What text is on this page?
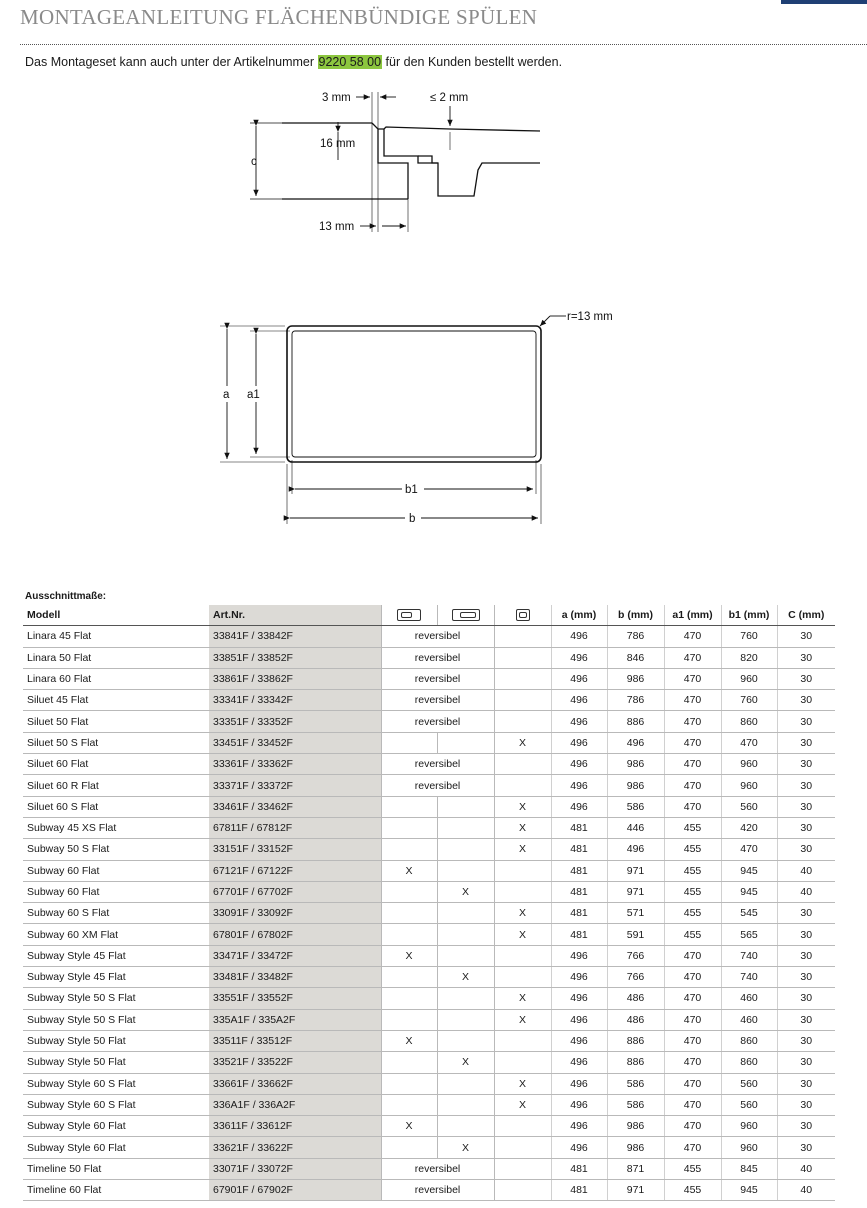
MONTAGEANLEITUNG FLÄCHENBÜNDIGE SPÜLEN
Das Montageset kann auch unter der Artikelnummer 9220 58 00 für den Kunden bestellt werden.
3 mm	≤ 2 mm
16 mm
c
13 mm
r=13 mm
a a1
b1
b
Ausschnittmaße:
Modell	Art.Nr.				a (mm)	b (mm)	a1 (mm)	b1 (mm)	C (mm)
Linara 45 Flat	33841F / 33842F	reversibel			496	786	470	760	30
Linara 50 Flat	33851F / 33852F	reversibel			496	846	470	820	30
Linara 60 Flat	33861F / 33862F	reversibel			496	986	470	960	30
Siluet 45 Flat	33341F / 33342F	reversibel			496	786	470	760	30
Siluet 50 Flat	33351F / 33352F	reversibel			496	886	470	860	30
Siluet 50 S Flat	33451F / 33452F			X	496	496	470	470	30
Siluet 60 Flat	33361F / 33362F	reversibel			496	986	470	960	30
Siluet 60 R Flat	33371F / 33372F	reversibel			496	986	470	960	30
Siluet 60 S Flat	33461F / 33462F			X	496	586	470	560	30
Subway 45 XS Flat	67811F / 67812F			X	481	446	455	420	30
Subway 50 S Flat	33151F / 33152F			X	481	496	455	470	30
Subway 60 Flat	67121F / 67122F	X			481	971	455	945	40
Subway 60 Flat	67701F / 67702F		X		481	971	455	945	40
Subway 60 S Flat	33091F / 33092F			X	481	571	455	545	30
Subway 60 XM Flat	67801F / 67802F			X	481	591	455	565	30
Subway Style 45 Flat	33471F / 33472F	X			496	766	470	740	30
Subway Style 45 Flat	33481F / 33482F		X		496	766	470	740	30
Subway Style 50 S Flat	33551F / 33552F			X	496	486	470	460	30
Subway Style 50 S Flat	335A1F / 335A2F			X	496	486	470	460	30
Subway Style 50 Flat	33511F / 33512F	X			496	886	470	860	30
Subway Style 50 Flat	33521F / 33522F		X		496	886	470	860	30
Subway Style 60 S Flat	33661F / 33662F			X	496	586	470	560	30
Subway Style 60 S Flat	336A1F / 336A2F			X	496	586	470	560	30
Subway Style 60 Flat	33611F / 33612F	X			496	986	470	960	30
Subway Style 60 Flat	33621F / 33622F		X		496	986	470	960	30
Timeline 50 Flat	33071F / 33072F	reversibel			481	871	455	845	40
Timeline 60 Flat	67901F / 67902F	reversibel			481	971	455	945	40
